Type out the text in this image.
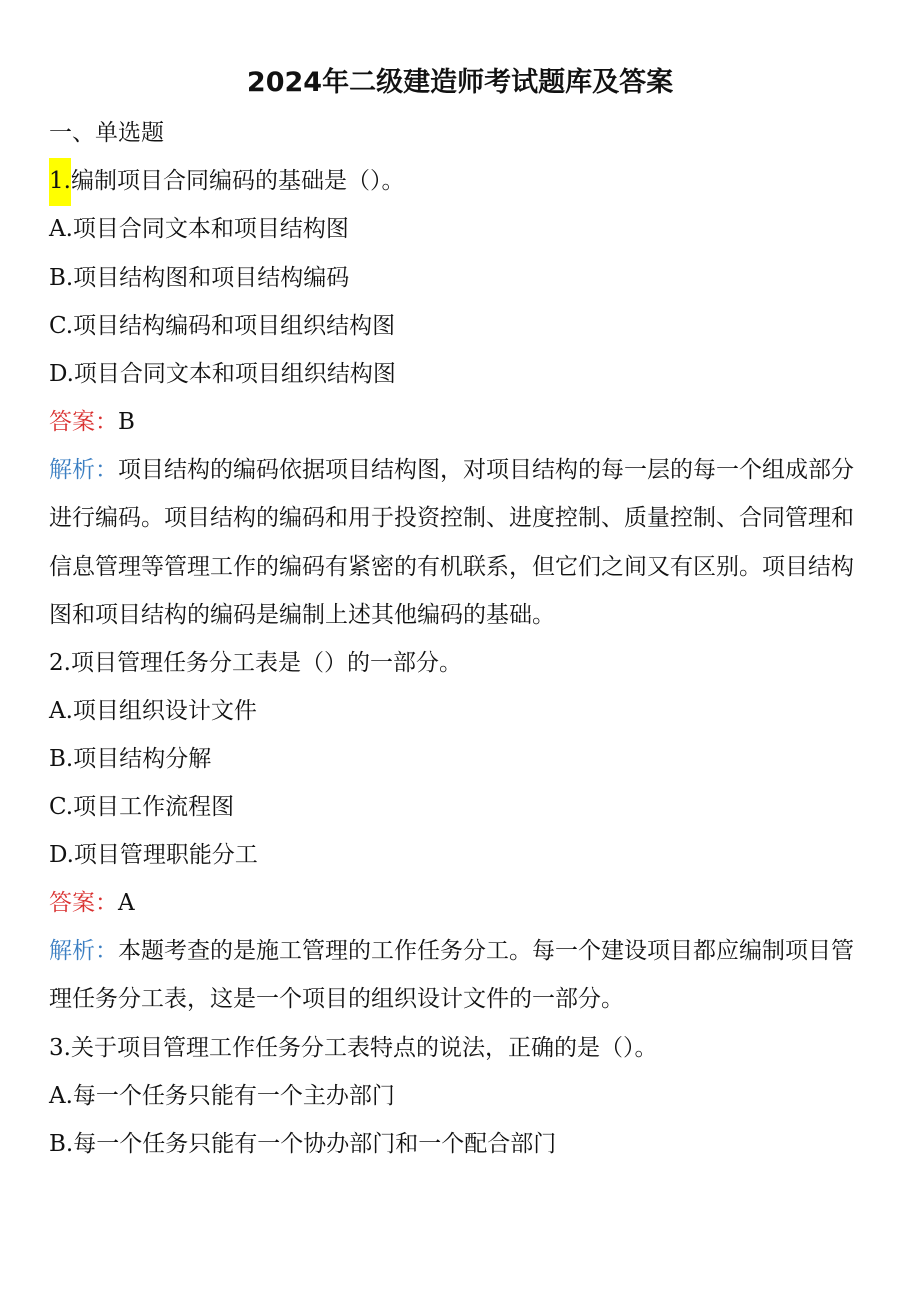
2024年二级建造师考试题库及答案
一、单选题
1.编制项目合同编码的基础是（）。
A.项目合同文本和项目结构图
B.项目结构图和项目结构编码
C.项目结构编码和项目组织结构图
D.项目合同文本和项目组织结构图
答案：B
解析：项目结构的编码依据项目结构图，对项目结构的每一层的每一个组成部分进行编码。项目结构的编码和用于投资控制、进度控制、质量控制、合同管理和信息管理等管理工作的编码有紧密的有机联系，但它们之间又有区别。项目结构图和项目结构的编码是编制上述其他编码的基础。
2.项目管理任务分工表是（）的一部分。
A.项目组织设计文件
B.项目结构分解
C.项目工作流程图
D.项目管理职能分工
答案：A
解析：本题考查的是施工管理的工作任务分工。每一个建设项目都应编制项目管理任务分工表，这是一个项目的组织设计文件的一部分。
3.关于项目管理工作任务分工表特点的说法，正确的是（）。
A.每一个任务只能有一个主办部门
B.每一个任务只能有一个协办部门和一个配合部门
